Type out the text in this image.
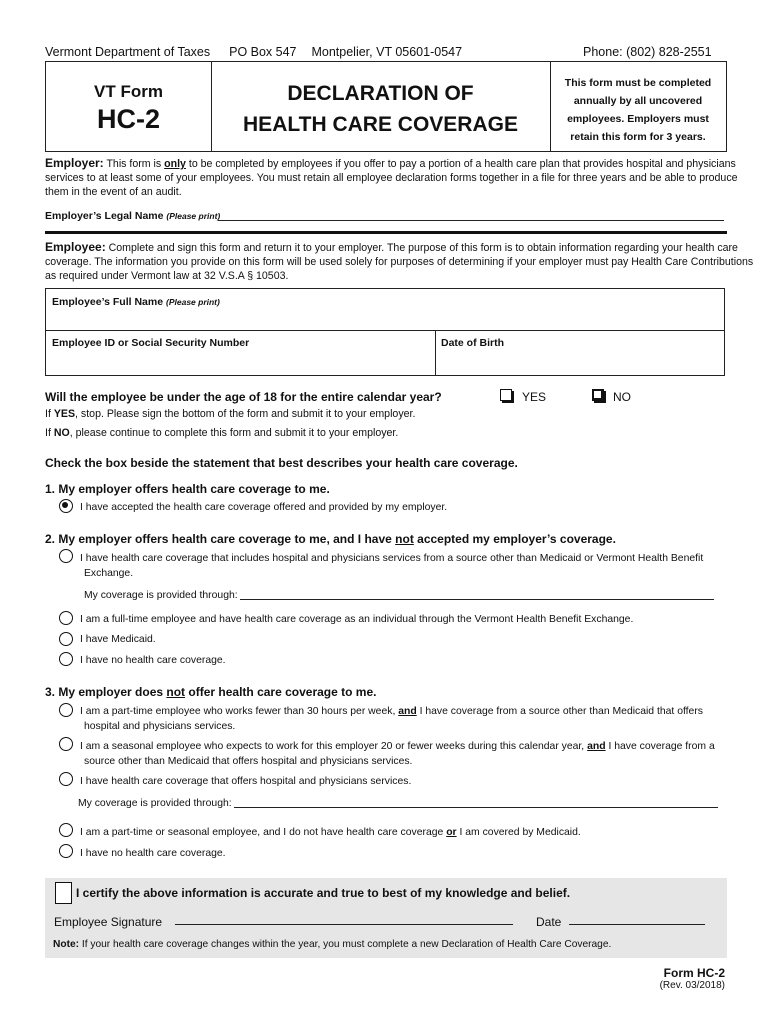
Vermont Department of Taxes PO Box 547 Montpelier, VT 05601-0547	Phone: (802) 828-2551
VT Form
HC-2
DECLARATION OF
HEALTH CARE COVERAGE
This form must be completed
annually by all uncovered
employees. Employers must
retain this form for 3 years.
Employer: This form is only to be completed by employees if you offer to pay a portion of a health care plan that provides hospital and physicians
services to at least some of your employees. You must retain all employee declaration forms together in a file for three years and be able to produce
them in the event of an audit.
Employer’s Legal Name (Please print)
Employee: Complete and sign this form and return it to your employer. The purpose of this form is to obtain information regarding your health care
coverage. The information you provide on this form will be used solely for purposes of determining if your employer must pay Health Care Contributions
as required under Vermont law at 32 V.S.A § 10503.
Employee’s Full Name (Please print)
Employee ID or Social Security Number	Date of Birth
Will the employee be under the age of 18 for the entire calendar year?	YES	NO
If YES, stop. Please sign the bottom of the form and submit it to your employer.
If NO, please continue to complete this form and submit it to your employer.
Check the box beside the statement that best describes your health care coverage.
1. My employer offers health care coverage to me.
I have accepted the health care coverage offered and provided by my employer.
2. My employer offers health care coverage to me, and I have not accepted my employer’s coverage.
I have health care coverage that includes hospital and physicians services from a source other than Medicaid or Vermont Health Benefit
Exchange.
My coverage is provided through:
I am a full-time employee and have health care coverage as an individual through the Vermont Health Benefit Exchange.
I have Medicaid.
I have no health care coverage.
3. My employer does not offer health care coverage to me.
I am a part-time employee who works fewer than 30 hours per week, and I have coverage from a source other than Medicaid that offers
hospital and physicians services.
I am a seasonal employee who expects to work for this employer 20 or fewer weeks during this calendar year, and I have coverage from a
source other than Medicaid that offers hospital and physicians services.
I have health care coverage that offers hospital and physicians services.
My coverage is provided through:
I am a part-time or seasonal employee, and I do not have health care coverage or I am covered by Medicaid.
I have no health care coverage.
I certify the above information is accurate and true to best of my knowledge and belief.
Employee Signature	Date
Note: If your health care coverage changes within the year, you must complete a new Declaration of Health Care Coverage.
Form HC-2
(Rev. 03/2018)
